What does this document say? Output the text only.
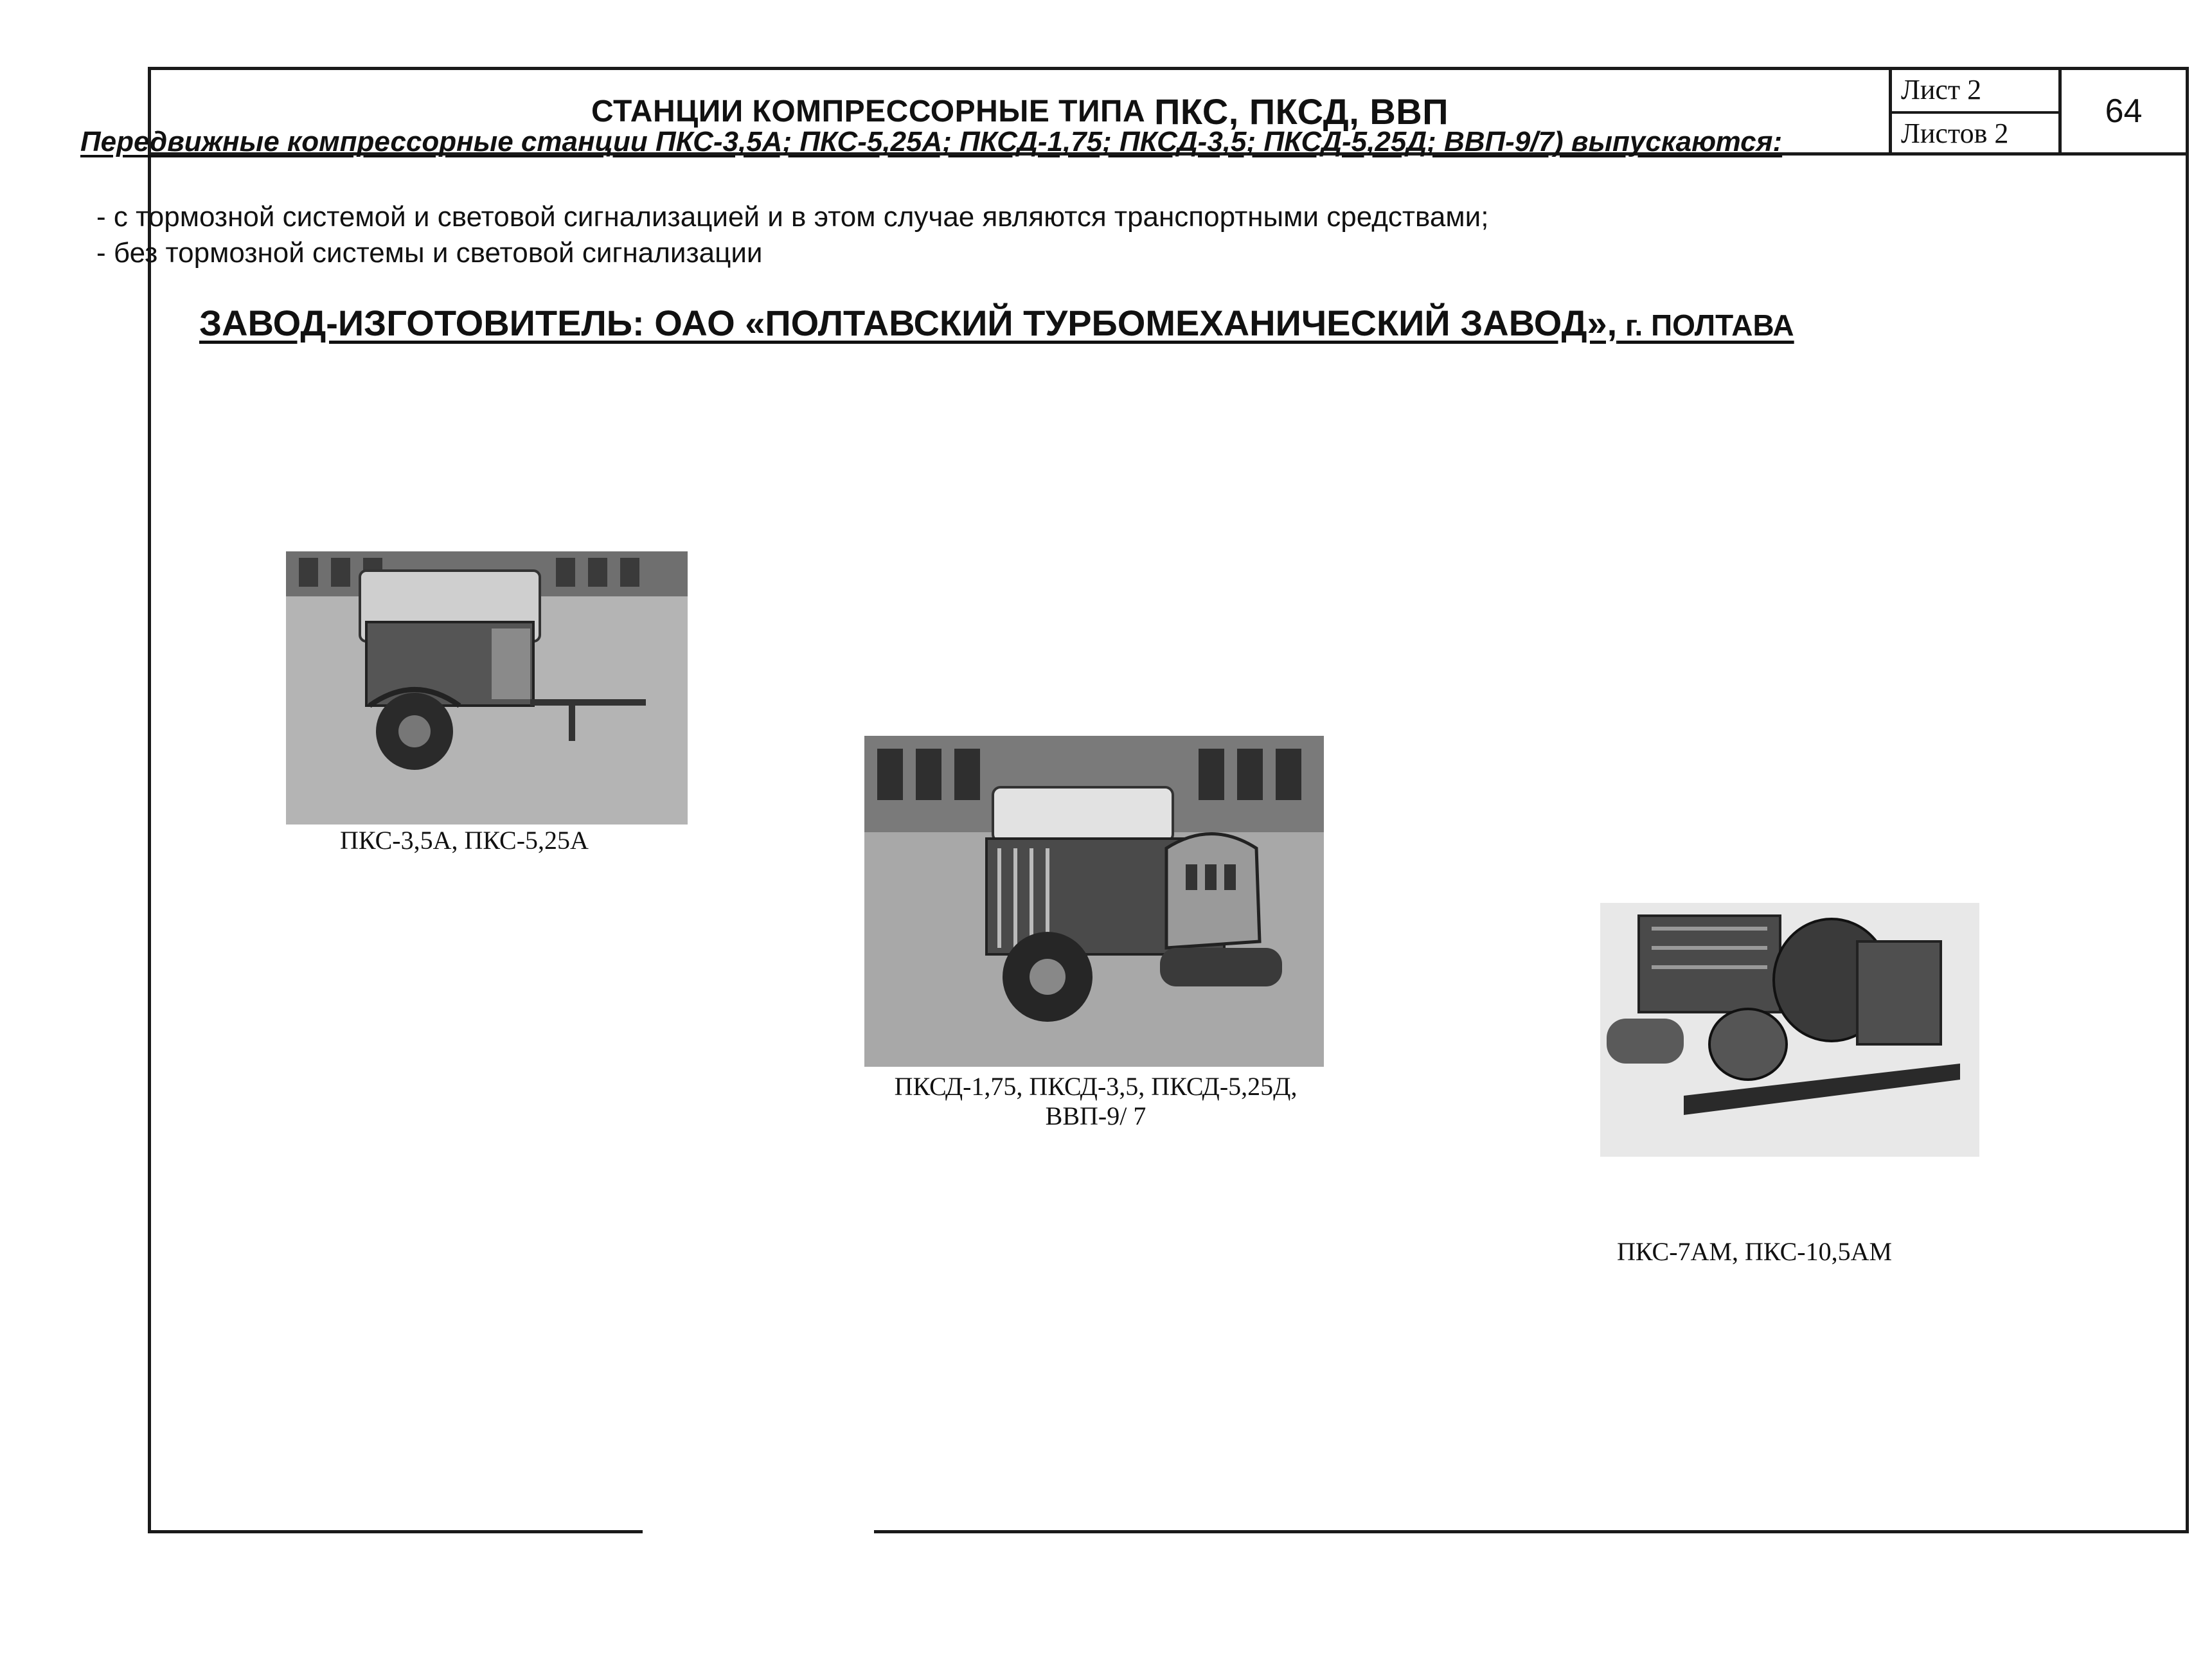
СТАНЦИИ КОМПРЕССОРНЫЕ ТИПА ПКС, ПКСД, ВВП
Лист 2
Листов 2
64
Передвижные компрессорные станции ПКС-3,5А; ПКС-5,25А; ПКСД-1,75; ПКСД-3,5; ПКСД-5,25Д; ВВП-9/7) выпускаются:
- с тормозной системой и световой сигнализацией и в этом случае являются транспортными средствами;
- без тормозной системы и световой сигнализации
ЗАВОД-ИЗГОТОВИТЕЛЬ: ОАО «ПОЛТАВСКИЙ ТУРБОМЕХАНИЧЕСКИЙ ЗАВОД», г. ПОЛТАВА
ПКС-3,5А, ПКС-5,25А
ПКСД-1,75, ПКСД-3,5, ПКСД-5,25Д,
ВВП-9/ 7
ПКС-7АМ, ПКС-10,5АМ
